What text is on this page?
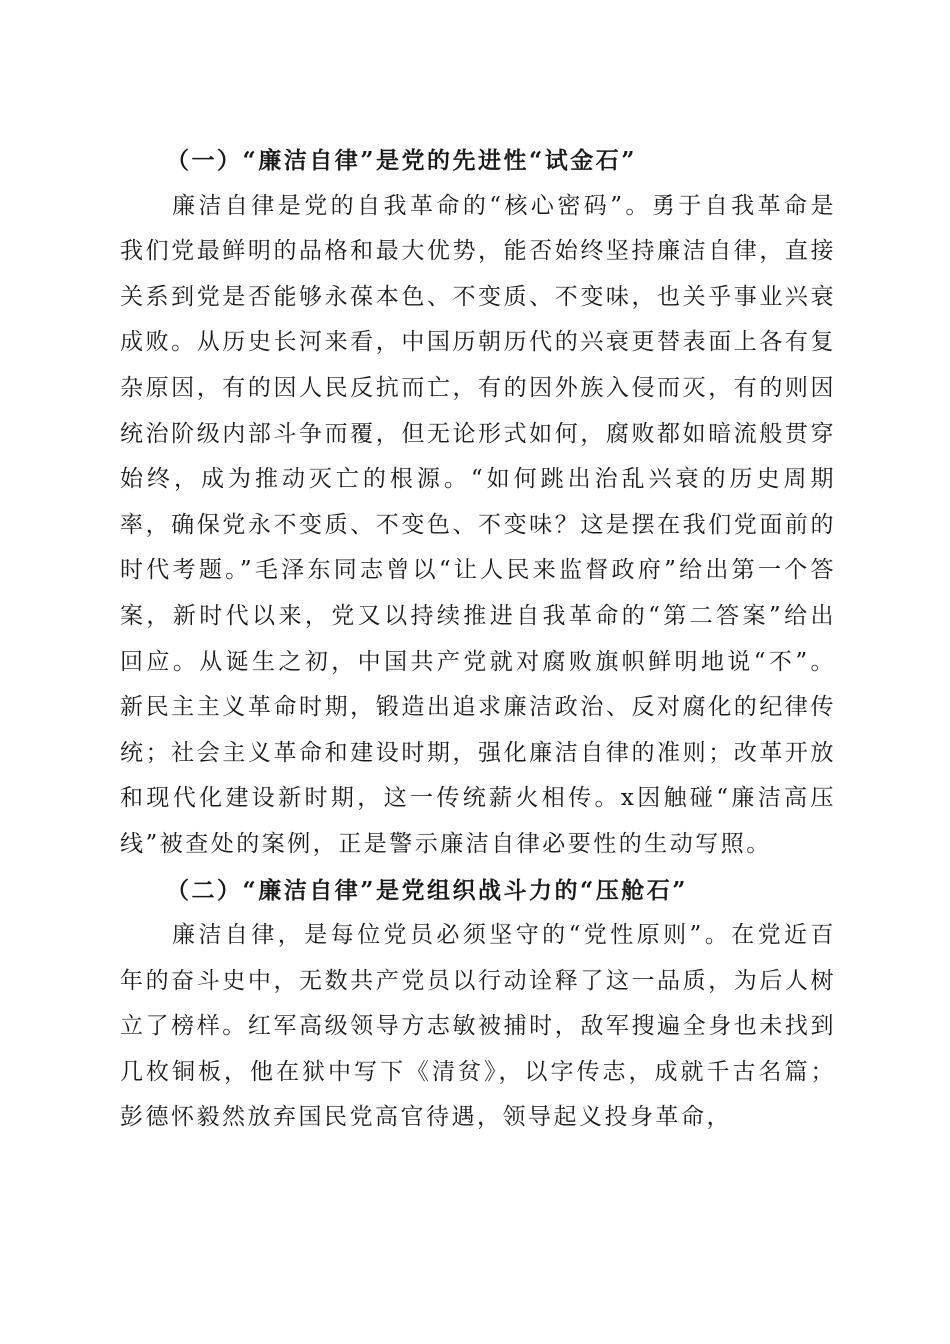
（一）“廉洁自律”是党的先进性“试金石”

廉洁自律是党的自我革命的“核心密码”。勇于自我革命是我们党最鲜明的品格和最大优势，能否始终坚持廉洁自律，直接关系到党是否能够永葆本色、不变质、不变味，也关乎事业兴衰成败。从历史长河来看，中国历朝历代的兴衰更替表面上各有复杂原因，有的因人民反抗而亡，有的因外族入侵而灭，有的则因统治阶级内部斗争而覆，但无论形式如何，腐败都如暗流般贯穿始终，成为推动灭亡的根源。“如何跳出治乱兴衰的历史周期率，确保党永不变质、不变色、不变味？这是摆在我们党面前的时代考题。”毛泽东同志曾以“让人民来监督政府”给出第一个答案，新时代以来，党又以持续推进自我革命的“第二答案”给出回应。从诞生之初，中国共产党就对腐败旗帜鲜明地说“不”。新民主主义革命时期，锻造出追求廉洁政治、反对腐化的纪律传统；社会主义革命和建设时期，强化廉洁自律的准则；改革开放和现代化建设新时期，这一传统薪火相传。x因触碰“廉洁高压线”被查处的案例，正是警示廉洁自律必要性的生动写照。

（二）“廉洁自律”是党组织战斗力的“压舱石”

廉洁自律，是每位党员必须坚守的“党性原则”。在党近百年的奋斗史中，无数共产党员以行动诠释了这一品质，为后人树立了榜样。红军高级领导方志敏被捕时，敌军搜遍全身也未找到几枚铜板，他在狱中写下《清贫》，以字传志，成就千古名篇；彭德怀毅然放弃国民党高官待遇，领导起义投身革命，
